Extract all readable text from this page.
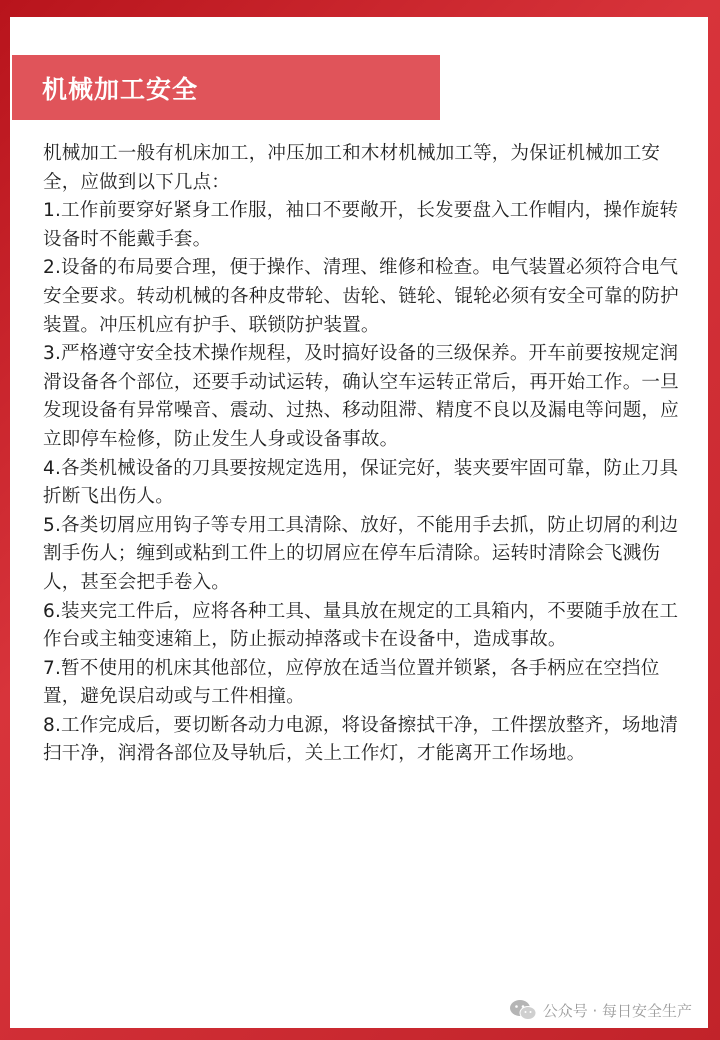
机械加工安全

机械加工一般有机床加工，冲压加工和木材机械加工等，为保证机械加工安全，应做到以下几点：

1.工作前要穿好紧身工作服，袖口不要敞开，长发要盘入工作帽内，操作旋转设备时不能戴手套。

2.设备的布局要合理，便于操作、清理、维修和检查。电气装置必须符合电气安全要求。转动机械的各种皮带轮、齿轮、链轮、锟轮必须有安全可靠的防护装置。冲压机应有护手、联锁防护装置。

3.严格遵守安全技术操作规程，及时搞好设备的三级保养。开车前要按规定润滑设备各个部位，还要手动试运转，确认空车运转正常后，再开始工作。一旦发现设备有异常噪音、震动、过热、移动阻滞、精度不良以及漏电等问题，应立即停车检修，防止发生人身或设备事故。

4.各类机械设备的刀具要按规定选用，保证完好，装夹要牢固可靠，防止刀具折断飞出伤人。

5.各类切屑应用钩子等专用工具清除、放好，不能用手去抓，防止切屑的利边割手伤人；缠到或粘到工件上的切屑应在停车后清除。运转时清除会飞溅伤人，甚至会把手卷入。

6.装夹完工件后，应将各种工具、量具放在规定的工具箱内，不要随手放在工作台或主轴变速箱上，防止振动掉落或卡在设备中，造成事故。

7.暂不使用的机床其他部位，应停放在适当位置并锁紧，各手柄应在空挡位置，避免误启动或与工件相撞。

8.工作完成后，要切断各动力电源，将设备擦拭干净，工件摆放整齐，场地清扫干净，润滑各部位及导轨后，关上工作灯，才能离开工作场地。

公众号 · 每日安全生产
